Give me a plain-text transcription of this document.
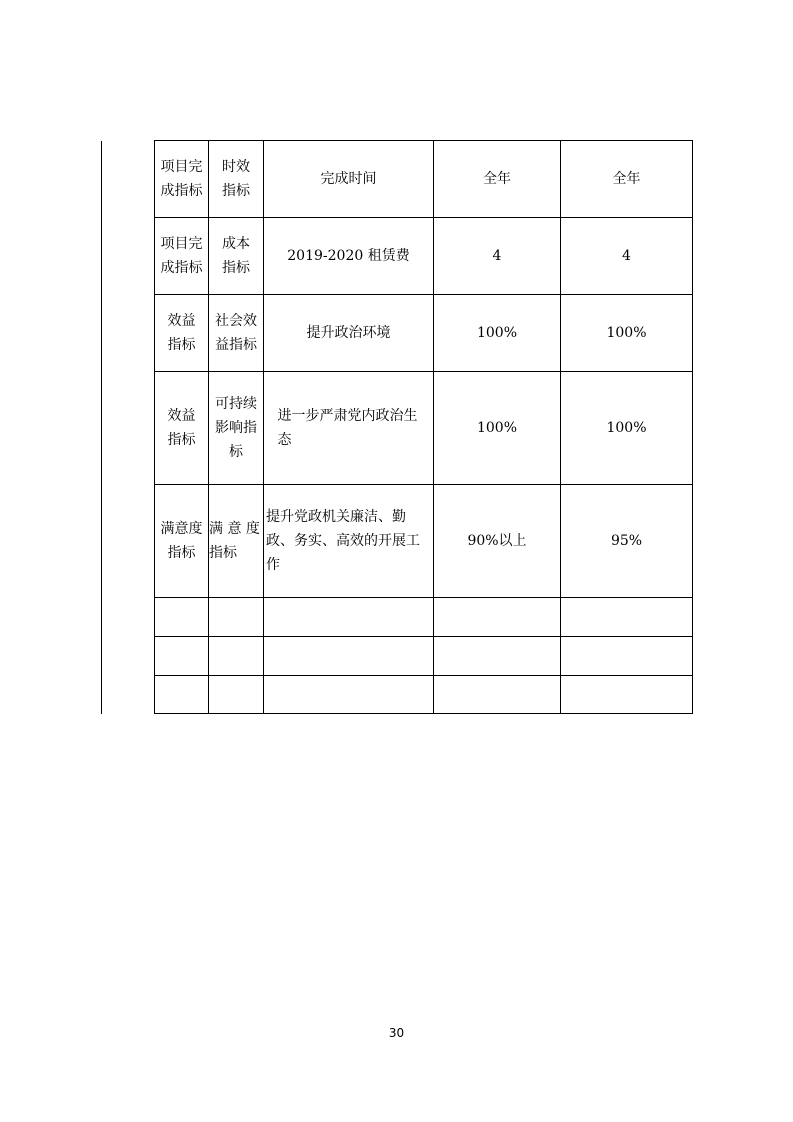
	项目完成指标	时效指标	完成时间	全年	全年
	项目完成指标	成本指标	2019-2020 租赁费	4	4
	效益指标	社会效益指标	提升政治环境	100%	100%
	效益指标	可持续影响指标	进一步严肃党内政治生态	100%	100%
	满意度指标	满 意 度指标	提升党政机关廉洁、勤政、务实、高效的开展工作	90%以上	95%

30
